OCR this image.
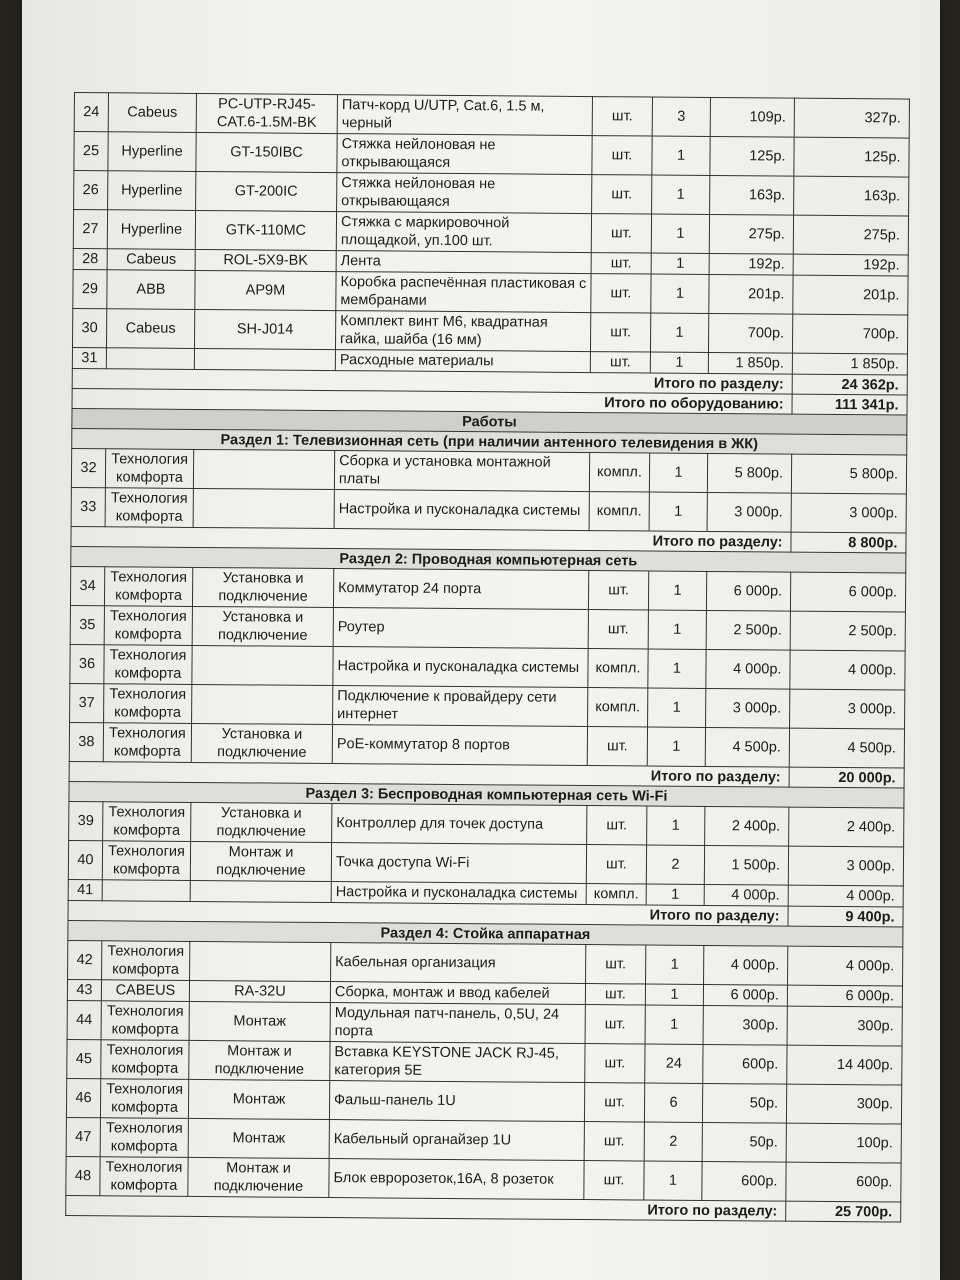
24	Cabeus	PC-UTP-RJ45-CAT.6-1.5M-BK	Патч-корд U/UTP, Cat.6, 1.5 м, черный	шт.	3	109р.	327р.
25	Hyperline	GT-150IBC	Стяжка нейлоновая не открывающаяся	шт.	1	125р.	125р.
26	Hyperline	GT-200IC	Стяжка нейлоновая не открывающаяся	шт.	1	163р.	163р.
27	Hyperline	GTK-110MC	Стяжка с маркировочной площадкой, уп.100 шт.	шт.	1	275р.	275р.
28	Cabeus	ROL-5X9-BK	Лента	шт.	1	192р.	192р.
29	ABB	AP9M	Коробка распечённая пластиковая с мембранами	шт.	1	201р.	201р.
30	Cabeus	SH-J014	Комплект винт М6, квадратная гайка, шайба (16 мм)	шт.	1	700р.	700р.
31			Расходные материалы	шт.	1	1 850р.	1 850р.
Итого по разделу:							24 362р.
Итого по оборудованию:							111 341р.
Работы							
Раздел 1: Телевизионная сеть (при наличии антенного телевидения в ЖК)							
32	Технология комфорта		Сборка и установка монтажной платы	компл.	1	5 800р.	5 800р.
33	Технология комфорта		Настройка и пусконаладка системы	компл.	1	3 000р.	3 000р.
Итого по разделу:							8 800р.
Раздел 2: Проводная компьютерная сеть							
34	Технология комфорта	Установка и подключение	Коммутатор 24 порта	шт.	1	6 000р.	6 000р.
35	Технология комфорта	Установка и подключение	Роутер	шт.	1	2 500р.	2 500р.
36	Технология комфорта		Настройка и пусконаладка системы	компл.	1	4 000р.	4 000р.
37	Технология комфорта		Подключение к провайдеру сети интернет	компл.	1	3 000р.	3 000р.
38	Технология комфорта	Установка и подключение	PoE-коммутатор 8 портов	шт.	1	4 500р.	4 500р.
Итого по разделу:							20 000р.
Раздел 3: Беспроводная компьютерная сеть Wi-Fi							
39	Технология комфорта	Установка и подключение	Контроллер для точек доступа	шт.	1	2 400р.	2 400р.
40	Технология комфорта	Монтаж и подключение	Точка доступа Wi-Fi	шт.	2	1 500р.	3 000р.
41			Настройка и пусконаладка системы	компл.	1	4 000р.	4 000р.
Итого по разделу:							9 400р.
Раздел 4: Стойка аппаратная							
42	Технология комфорта		Кабельная организация	шт.	1	4 000р.	4 000р.
43	CABEUS	RA-32U	Сборка, монтаж и ввод кабелей	шт.	1	6 000р.	6 000р.
44	Технология комфорта	Монтаж	Модульная патч-панель, 0,5U, 24 порта	шт.	1	300р.	300р.
45	Технология комфорта	Монтаж и подключение	Вставка KEYSTONE JACK RJ-45, категория 5E	шт.	24	600р.	14 400р.
46	Технология комфорта	Монтаж	Фальш-панель 1U	шт.	6	50р.	300р.
47	Технология комфорта	Монтаж	Кабельный органайзер 1U	шт.	2	50р.	100р.
48	Технология комфорта	Монтаж и подключение	Блок евророзеток,16А, 8 розеток	шт.	1	600р.	600р.
Итого по разделу:							25 700р.
